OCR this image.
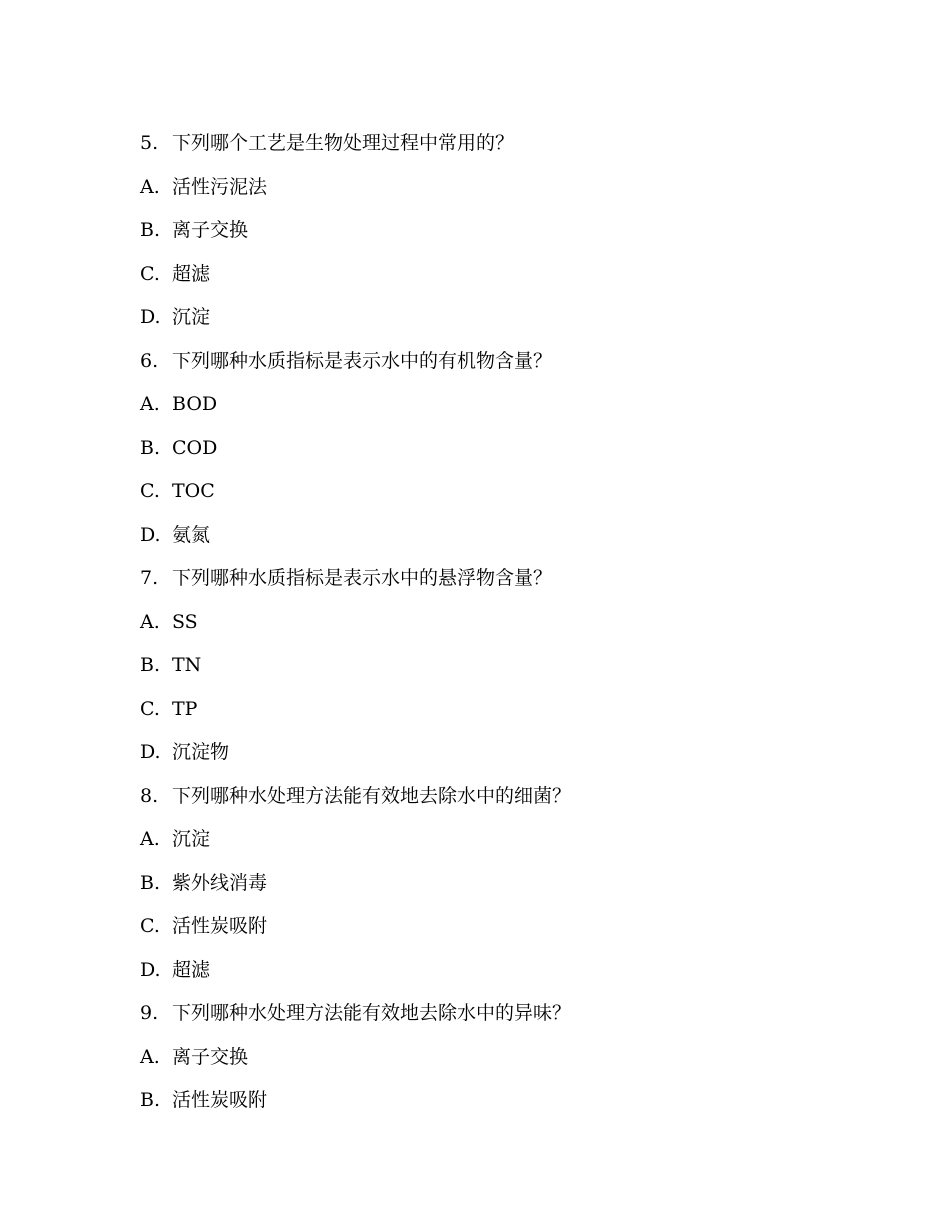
5. 下列哪个工艺是生物处理过程中常用的？
A. 活性污泥法
B. 离子交换
C. 超滤
D. 沉淀
6. 下列哪种水质指标是表示水中的有机物含量？
A. BOD
B. COD
C. TOC
D. 氨氮
7. 下列哪种水质指标是表示水中的悬浮物含量？
A. SS
B. TN
C. TP
D. 沉淀物
8. 下列哪种水处理方法能有效地去除水中的细菌？
A. 沉淀
B. 紫外线消毒
C. 活性炭吸附
D. 超滤
9. 下列哪种水处理方法能有效地去除水中的异味？
A. 离子交换
B. 活性炭吸附
